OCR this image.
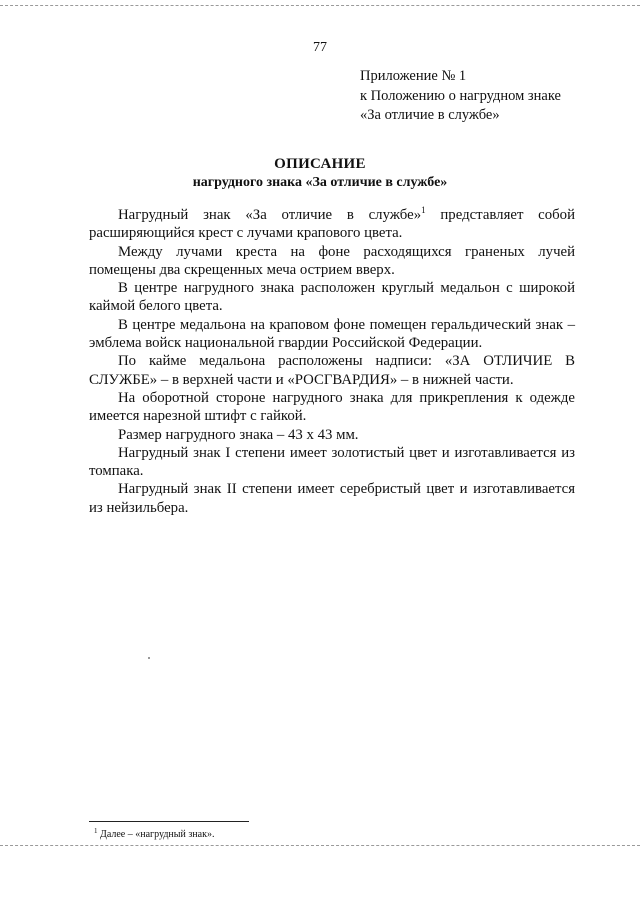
77
Приложение № 1
к Положению о нагрудном знаке
«За отличие в службе»
ОПИСАНИЕ
нагрудного знака «За отличие в службе»

Нагрудный знак «За отличие в службе»$^1$ представляет собой расширяющийся крест с лучами крапового цвета.

Между лучами креста на фоне расходящихся граненых лучей помещены два скрещенных меча острием вверх.

В центре нагрудного знака расположен круглый медальон с широкой каймой белого цвета.

В центре медальона на краповом фоне помещен геральдический знак – эмблема войск национальной гвардии Российской Федерации.

По кайме медальона расположены надписи: «ЗА ОТЛИЧИЕ В СЛУЖБЕ» – в верхней части и «РОСГВАРДИЯ» – в нижней части.

На оборотной стороне нагрудного знака для прикрепления к одежде имеется нарезной штифт с гайкой.

Размер нагрудного знака – 43 х 43 мм.

Нагрудный знак I степени имеет золотистый цвет и изготавливается из томпака.

Нагрудный знак II степени имеет серебристый цвет и изготавливается из нейзильбера.

$^1$ Далее – «нагрудный знак».
